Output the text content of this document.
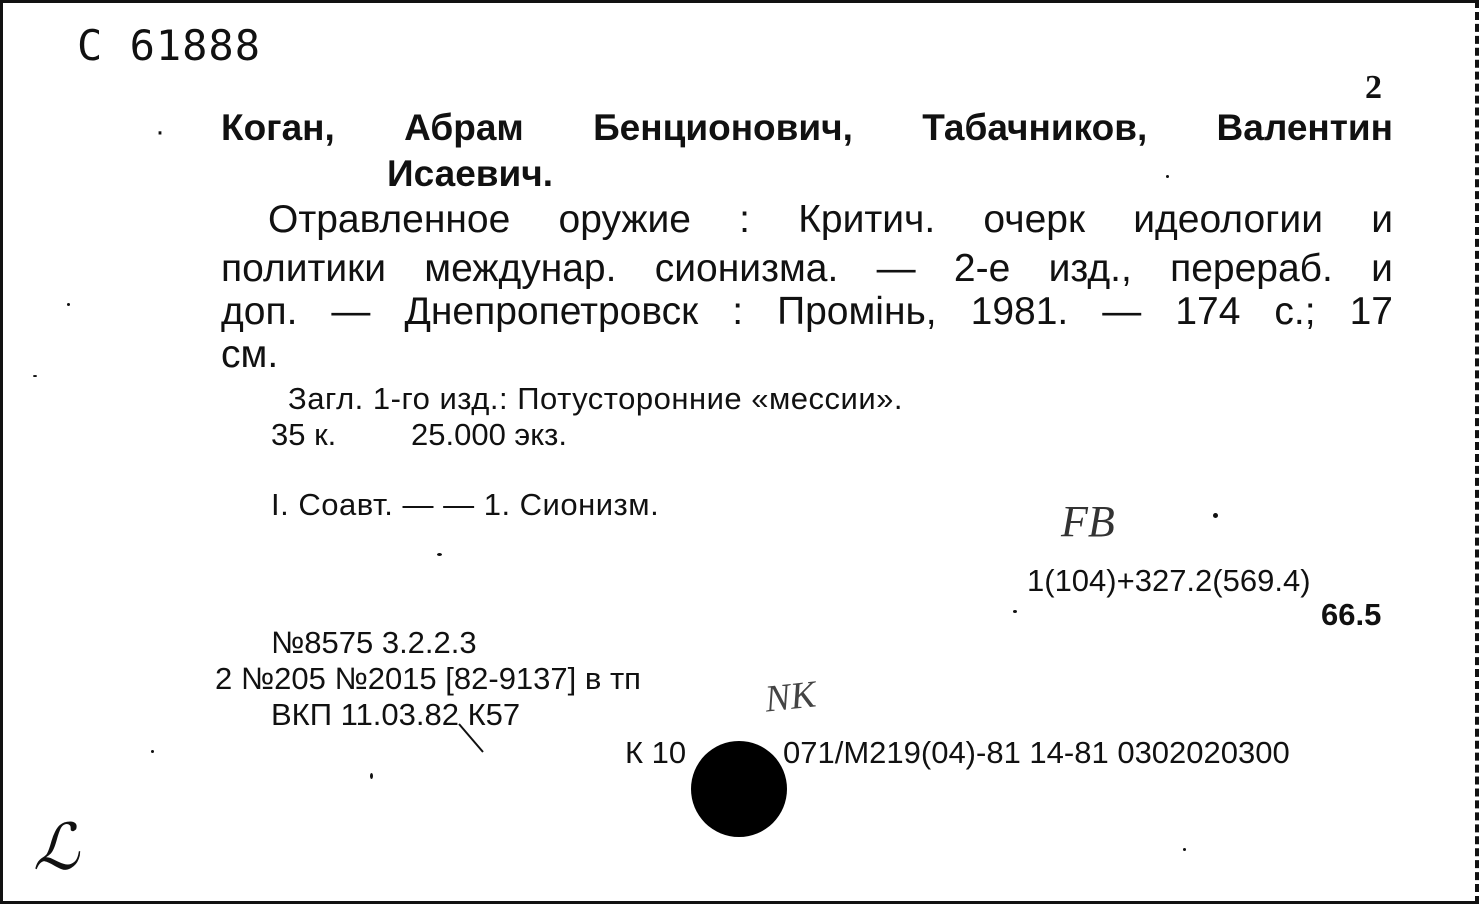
С 61888
2
· Коган, Абрам Бенционович, Табачников, Валентин
Исаевич.
Отравленное оружие : Критич. очерк идеологии и
политики междунар. сионизма. — 2-е изд., перераб. и
доп. — Днепропетровск : Промінь, 1981. — 174 с.; 17
см.
Загл. 1-го изд.: Потусторонние «мессии».
35 к. 25.000 экз.
I. Соавт. — — 1. Сионизм.	FB
1(104)+327.2(569.4)
66.5
№8575 3.2.2.3
2 №205 №2015 [82-9137] в тп	NK
ВКП 11.03.82 К57
К 10	071/М219(04)-81 14-81 0302020300
ℒ
